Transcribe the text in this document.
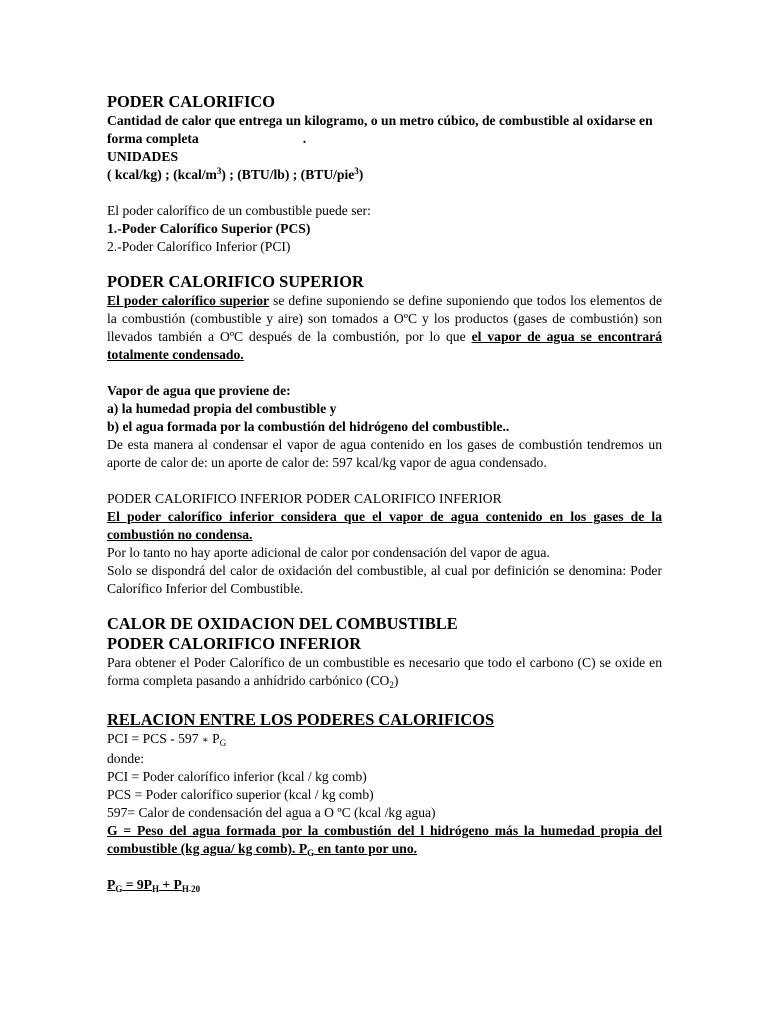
PODER CALORIFICO

Cantidad de calor que entrega un kilogramo, o un metro cúbico, de combustible al oxidarse en forma completa	.

UNIDADES

( kcal/kg) ; $(kcal/m^3)$ ; (BTU/lb) ; (BTU/pie$^3$)

El poder calorífico de un combustible puede ser:

1.-Poder Calorífico Superior (PCS)

2.-Poder Calorífico Inferior (PCI)

PODER CALORIFICO SUPERIOR

El poder calorífico superior se define suponiendo se define suponiendo que todos los elementos de la combustión (combustible y aire) son tomados a OºC y los productos (gases de combustión) son llevados también a OºC después de la combustión, por lo que el vapor de agua se encontrará totalmente condensado.

Vapor de agua que proviene de:

a) la humedad propia del combustible y

b) el agua formada por la combustión del hidrógeno del combustible..

De esta manera al condensar el vapor de agua contenido en los gases de combustión tendremos un aporte de calor de: un aporte de calor de: 597 kcal/kg vapor de agua condensado.

PODER CALORIFICO INFERIOR PODER CALORIFICO INFERIOR

El poder calorífico inferior considera que el vapor de agua contenido en los gases de la combustión no condensa.

Por lo tanto no hay aporte adicional de calor por condensación del vapor de agua.

Solo se dispondrá del calor de oxidación del combustible, al cual por definición se denomina: Poder Calorífico Inferior del Combustible.

CALOR DE OXIDACION DEL COMBUSTIBLE
PODER CALORIFICO INFERIOR

Para obtener el Poder Calorífico de un combustible es necesario que todo el carbono (C) se oxide en forma completa pasando a anhídrido carbónico $(CO_2)$

RELACION ENTRE LOS PODERES CALORIFICOS

PCI = PCS - 597 ∗ $P_G$

donde:

PCI = Poder calorífico inferior (kcal / kg comb)

PCS = Poder calorífico superior (kcal / kg comb)

597= Calor de condensación del agua a O ºC (kcal /kg agua)

G = Peso del agua formada por la combustión del l hidrógeno más la humedad propia del combustible (kg agua/ kg comb). $P_G$ en tanto por uno.

$P_G = 9P_H + P_{H 20}$
